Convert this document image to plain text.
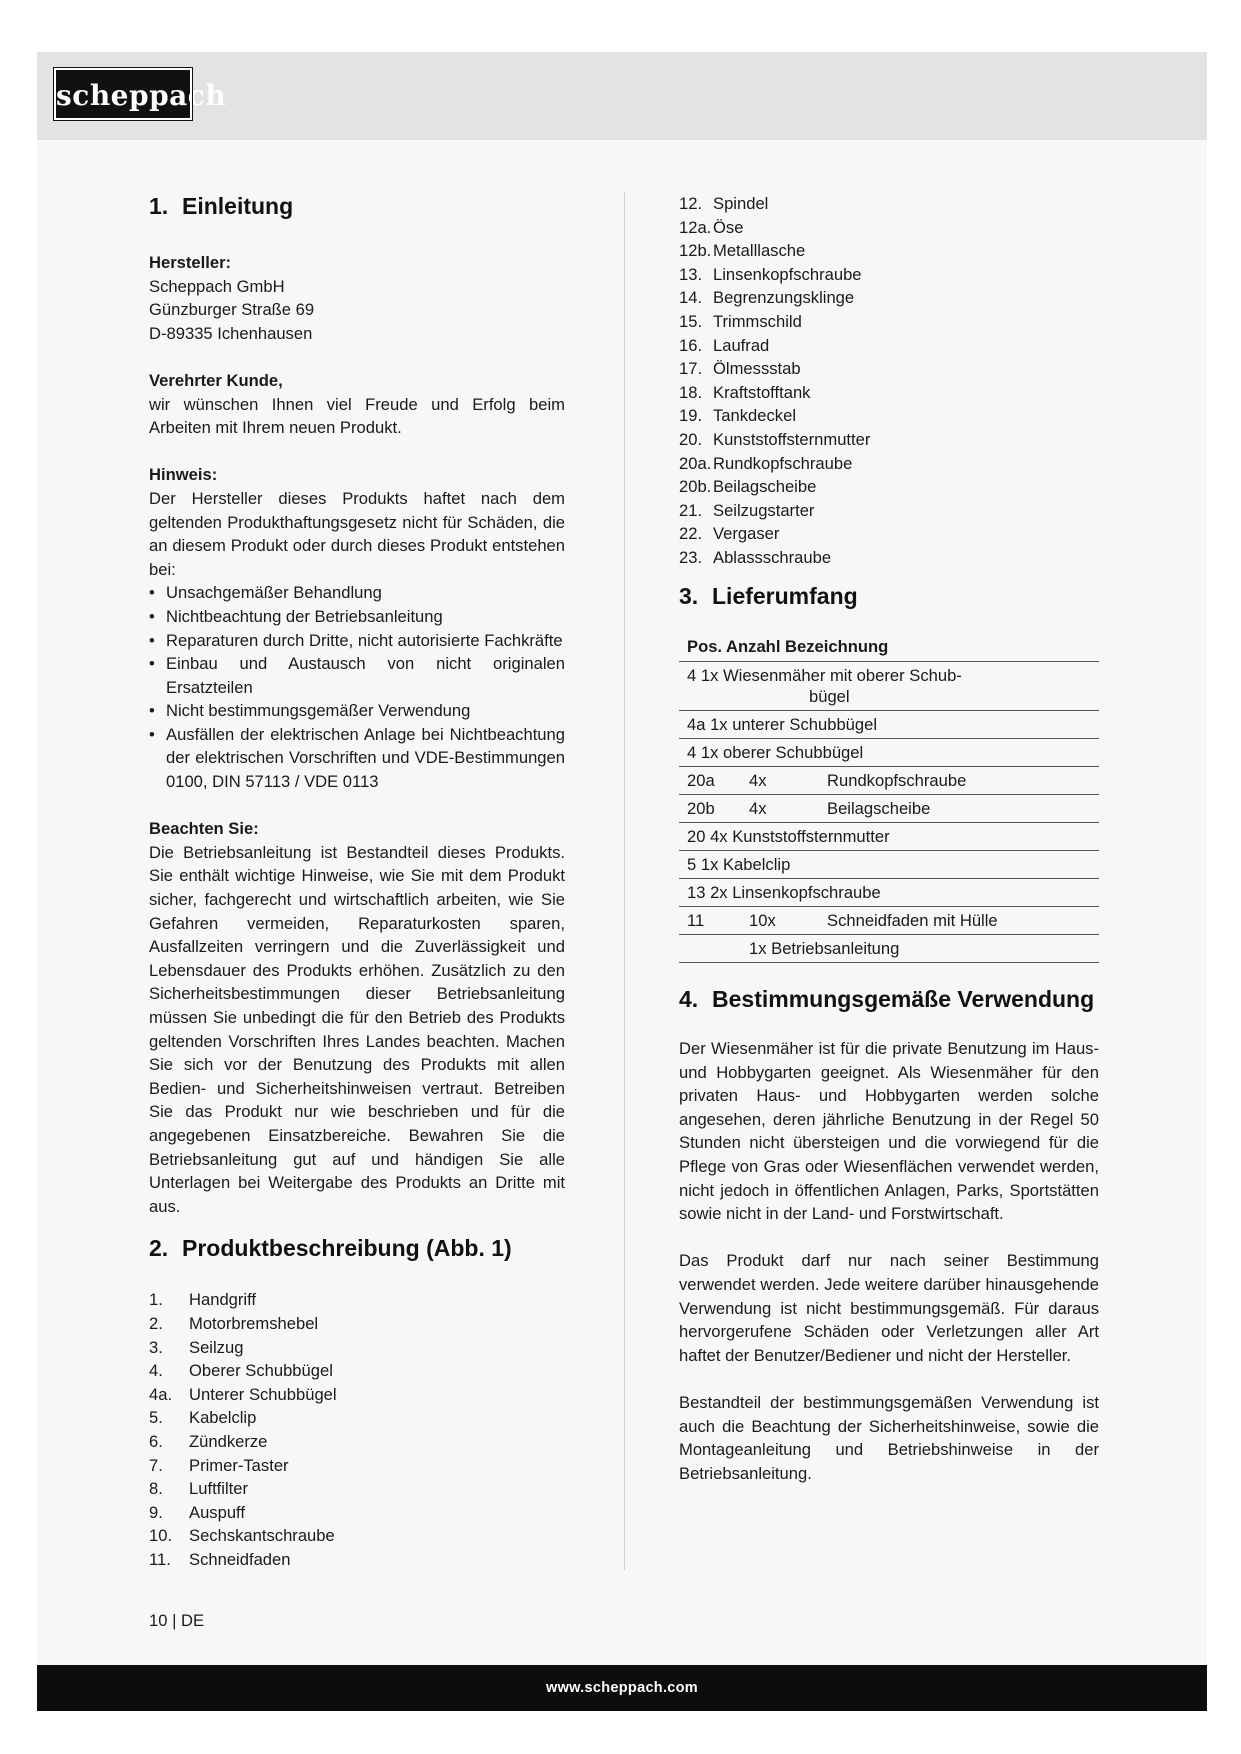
scheppach
1. Einleitung

Hersteller:

Scheppach GmbH

Günzburger Straße 69

D-89335 Ichenhausen

Verehrter Kunde,

wir wünschen Ihnen viel Freude und Erfolg beim Arbeiten mit Ihrem neuen Produkt.

Hinweis:

Der Hersteller dieses Produkts haftet nach dem geltenden Produkthaftungsgesetz nicht für Schäden, die an diesem Produkt oder durch dieses Produkt entstehen bei:

• Unsachgemäßer Behandlung
• Nichtbeachtung der Betriebsanleitung
• Reparaturen durch Dritte, nicht autorisierte Fachkräfte
• Einbau und Austausch von nicht originalen Ersatzteilen
• Nicht bestimmungsgemäßer Verwendung
• Ausfällen der elektrischen Anlage bei Nichtbeachtung der elektrischen Vorschriften und VDE-Bestimmungen 0100, DIN 57113 / VDE 0113

Beachten Sie:

Die Betriebsanleitung ist Bestandteil dieses Produkts. Sie enthält wichtige Hinweise, wie Sie mit dem Produkt sicher, fachgerecht und wirtschaftlich arbeiten, wie Sie Gefahren vermeiden, Reparaturkosten sparen, Ausfallzeiten verringern und die Zuverlässigkeit und Lebensdauer des Produkts erhöhen. Zusätzlich zu den Sicherheitsbestimmungen dieser Betriebsanleitung müssen Sie unbedingt die für den Betrieb des Produkts geltenden Vorschriften Ihres Landes beachten. Machen Sie sich vor der Benutzung des Produkts mit allen Bedien- und Sicherheitshinweisen vertraut. Betreiben Sie das Produkt nur wie beschrieben und für die angegebenen Einsatzbereiche. Bewahren Sie die Betriebsanleitung gut auf und händigen Sie alle Unterlagen bei Weitergabe des Produkts an Dritte mit aus.

2. Produktbeschreibung (Abb. 1)
1.	Handgriff
2.	Motorbremshebel
3.	Seilzug
4.	Oberer Schubbügel
4a.	Unterer Schubbügel
5.	Kabelclip
6.	Zündkerze
7.	Primer-Taster
8.	Luftfilter
9.	Auspuff
10.	Sechskantschraube
11.	Schneidfaden
12. Spindel
12a. Öse
12b. Metalllasche
13. Linsenkopfschraube
14. Begrenzungsklinge
15. Trimmschild
16. Laufrad
17. Ölmessstab
18. Kraftstofftank
19. Tankdeckel
20. Kunststoffsternmutter
20a. Rundkopfschraube
20b. Beilagscheibe
21. Seilzugstarter
22. Vergaser
23. Ablassschraube
3. Lieferumfang
Pos. Anzahl Bezeichnung

4 1x Wiesenmäher mit oberer Schub-
bügel

4a 1x unterer Schubbügel

4 1x oberer Schubbügel

20a	4x	Rundkopfschraube

20b	4x	Beilagscheibe

20 4x Kunststoffsternmutter

5 1x Kabelclip

13 2x Linsenkopfschraube

11	10x	Schneidfaden mit Hülle

1x Betriebsanleitung
4. Bestimmungsgemäße Verwendung

Der Wiesenmäher ist für die private Benutzung im Haus- und Hobbygarten geeignet. Als Wiesenmäher für den privaten Haus- und Hobbygarten werden solche angesehen, deren jährliche Benutzung in der Regel 50 Stunden nicht übersteigen und die vorwiegend für die Pflege von Gras oder Wiesenflächen verwendet werden, nicht jedoch in öffentlichen Anlagen, Parks, Sportstätten sowie nicht in der Land- und Forstwirtschaft.

Das Produkt darf nur nach seiner Bestimmung verwendet werden. Jede weitere darüber hinausgehende Verwendung ist nicht bestimmungsgemäß. Für daraus hervorgerufene Schäden oder Verletzungen aller Art haftet der Benutzer/Bediener und nicht der Hersteller.

Bestandteil der bestimmungsgemäßen Verwendung ist auch die Beachtung der Sicherheitshinweise, sowie die Montageanleitung und Betriebshinweise in der Betriebsanleitung.

10 | DE
www.scheppach.com
